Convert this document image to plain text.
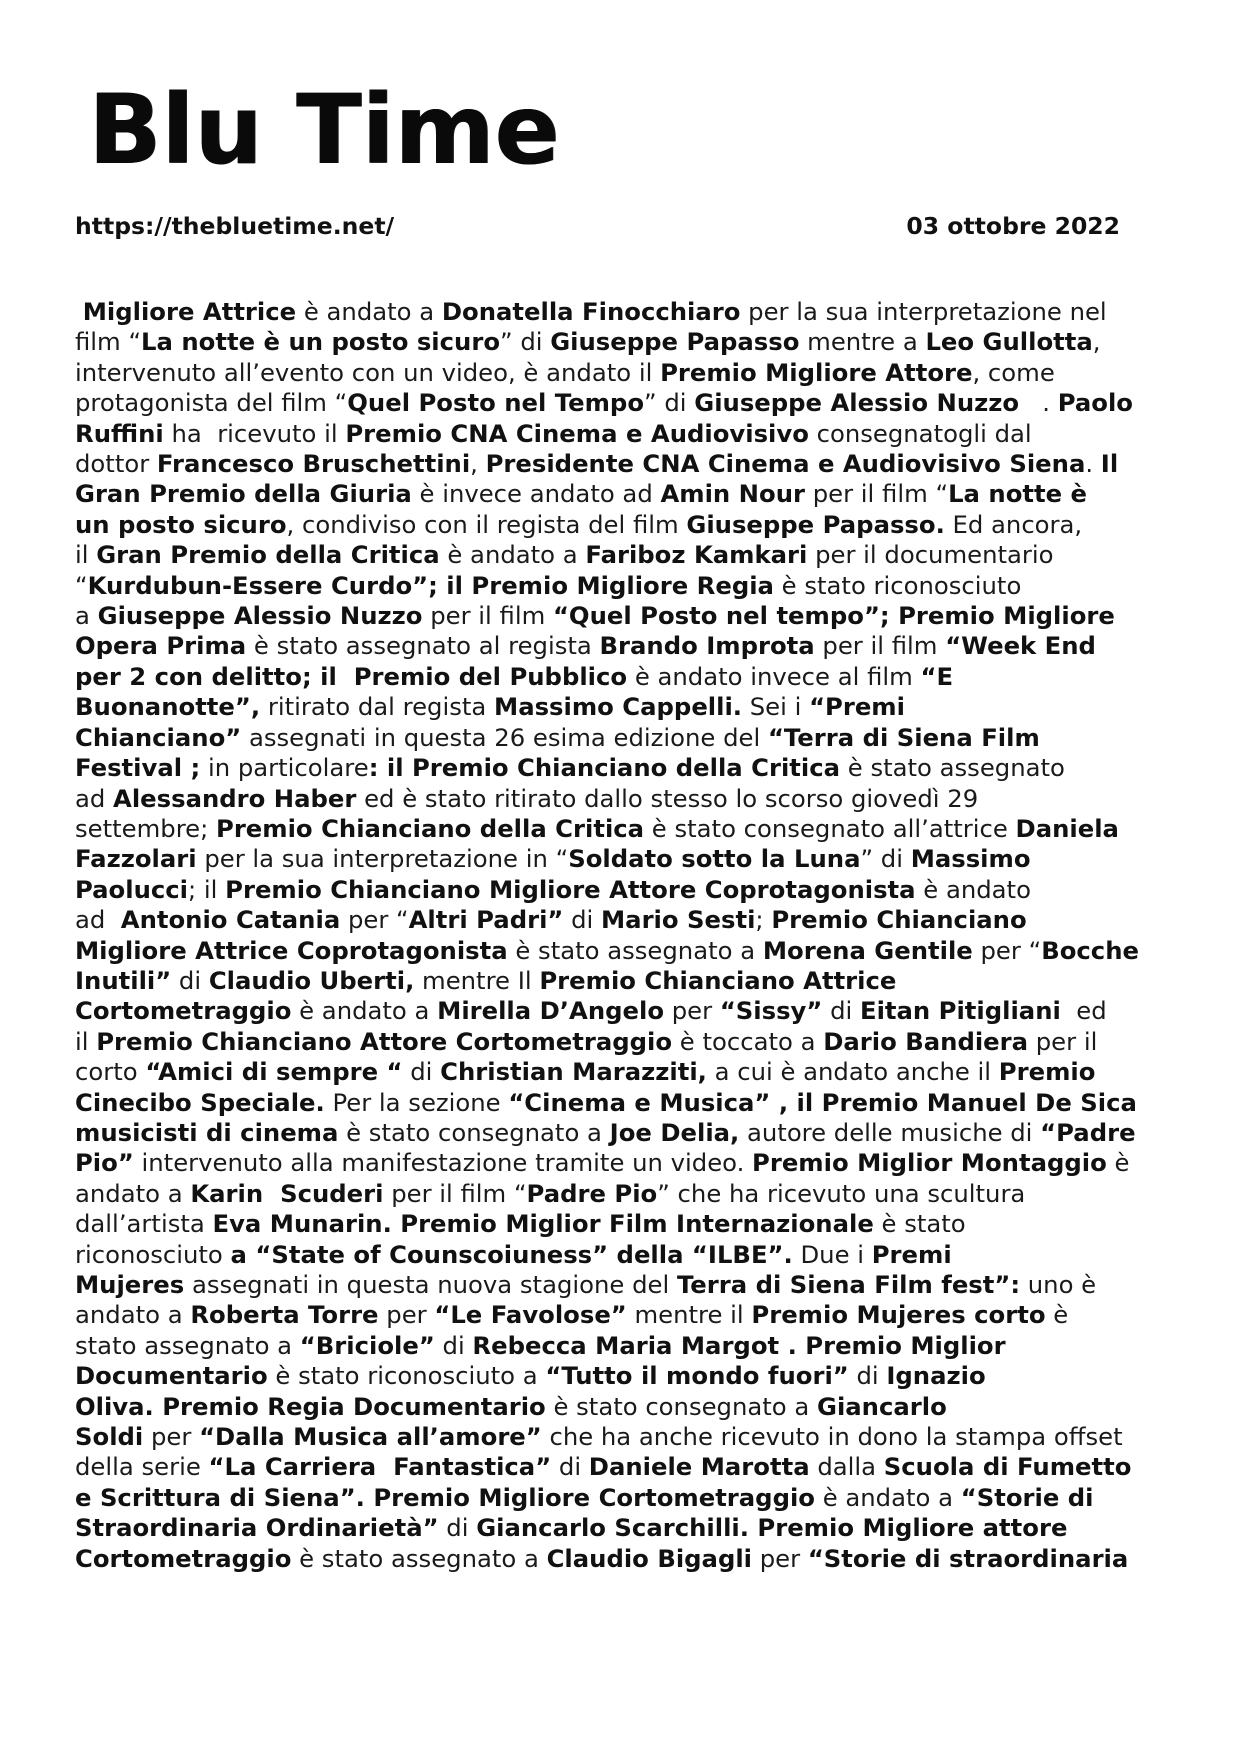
Blu Time
https://thebluetime.net/	03 ottobre 2022
Migliore Attrice è andato a Donatella Finocchiaro per la sua interpretazione nel
film “La notte è un posto sicuro” di Giuseppe Papasso mentre a Leo Gullotta,
intervenuto all’evento con un video, è andato il Premio Migliore Attore, come
protagonista del film “Quel Posto nel Tempo” di Giuseppe Alessio Nuzzo   . Paolo
Ruffini ha  ricevuto il Premio CNA Cinema e Audiovisivo consegnatogli dal
dottor Francesco Bruschettini, Presidente CNA Cinema e Audiovisivo Siena. Il
Gran Premio della Giuria è invece andato ad Amin Nour per il film “La notte è
un posto sicuro, condiviso con il regista del film Giuseppe Papasso. Ed ancora,
il Gran Premio della Critica è andato a Fariboz Kamkari per il documentario
“Kurdubun-Essere Curdo”; il Premio Migliore Regia è stato riconosciuto
a Giuseppe Alessio Nuzzo per il film “Quel Posto nel tempo”; Premio Migliore
Opera Prima è stato assegnato al regista Brando Improta per il film “Week End
per 2 con delitto; il  Premio del Pubblico è andato invece al film “E
Buonanotte”, ritirato dal regista Massimo Cappelli. Sei i “Premi
Chianciano” assegnati in questa 26 esima edizione del “Terra di Siena Film
Festival ; in particolare: il Premio Chianciano della Critica è stato assegnato
ad Alessandro Haber ed è stato ritirato dallo stesso lo scorso giovedì 29
settembre; Premio Chianciano della Critica è stato consegnato all’attrice Daniela
Fazzolari per la sua interpretazione in “Soldato sotto la Luna” di Massimo
Paolucci; il Premio Chianciano Migliore Attore Coprotagonista è andato
ad  Antonio Catania per “Altri Padri” di Mario Sesti; Premio Chianciano
Migliore Attrice Coprotagonista è stato assegnato a Morena Gentile per “Bocche
Inutili” di Claudio Uberti, mentre Il Premio Chianciano Attrice
Cortometraggio è andato a Mirella D’Angelo per “Sissy” di Eitan Pitigliani  ed
il Premio Chianciano Attore Cortometraggio è toccato a Dario Bandiera per il
corto “Amici di sempre “ di Christian Marazziti, a cui è andato anche il Premio
Cinecibo Speciale. Per la sezione “Cinema e Musica” , il Premio Manuel De Sica
musicisti di cinema è stato consegnato a Joe Delia, autore delle musiche di “Padre
Pio” intervenuto alla manifestazione tramite un video. Premio Miglior Montaggio è
andato a Karin  Scuderi per il film “Padre Pio” che ha ricevuto una scultura
dall’artista Eva Munarin. Premio Miglior Film Internazionale è stato
riconosciuto a “State of Counscoiuness” della “ILBE”. Due i Premi
Mujeres assegnati in questa nuova stagione del Terra di Siena Film fest”: uno è
andato a Roberta Torre per “Le Favolose” mentre il Premio Mujeres corto è
stato assegnato a “Briciole” di Rebecca Maria Margot . Premio Miglior
Documentario è stato riconosciuto a “Tutto il mondo fuori” di Ignazio
Oliva. Premio Regia Documentario è stato consegnato a Giancarlo
Soldi per “Dalla Musica all’amore” che ha anche ricevuto in dono la stampa offset
della serie “La Carriera  Fantastica” di Daniele Marotta dalla Scuola di Fumetto
e Scrittura di Siena”. Premio Migliore Cortometraggio è andato a “Storie di
Straordinaria Ordinarietà” di Giancarlo Scarchilli. Premio Migliore attore
Cortometraggio è stato assegnato a Claudio Bigagli per “Storie di straordinaria
